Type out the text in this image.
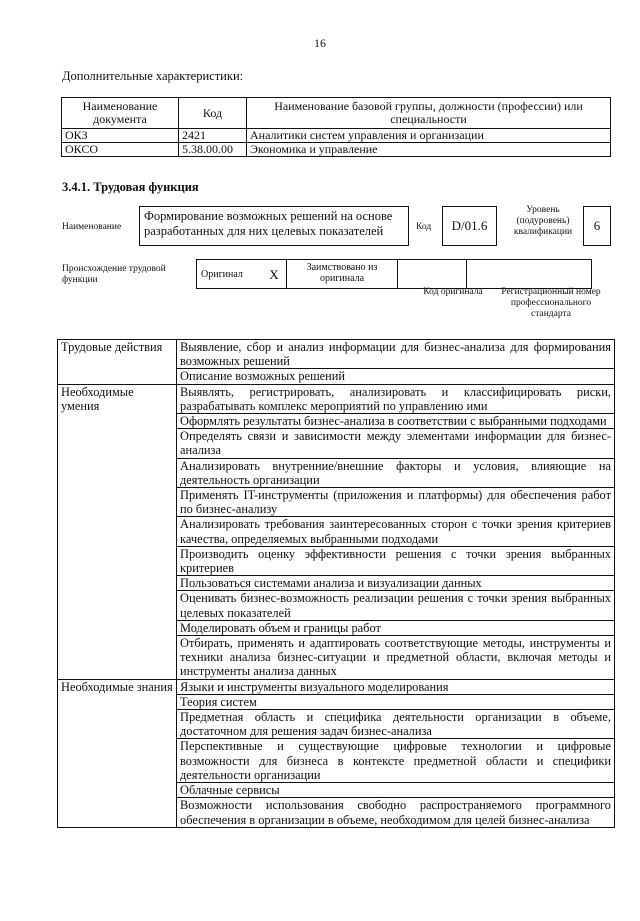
16
Дополнительные характеристики:
Наименование документа	Код	Наименование базовой группы, должности (профессии) или специальности
ОКЗ	2421	Аналитики систем управления и организации
ОКСО	5.38.00.00	Экономика и управление
3.4.1. Трудовая функция
Наименование
Формирование возможных решений на основе разработанных для них целевых показателей	Код	D/01.6
Уровень (подуровень) квалификации	6
Происхождение трудовой функции
Оригинал	X	Заимствовано из оригинала		
Код оригинала	Регистрационный номер профессионального стандарта
Трудовые действия	Выявление, сбор и анализ информации для бизнес-анализа для формирования возможных решений
	Описание возможных решений
Необходимые умения	Выявлять, регистрировать, анализировать и классифицировать риски, разрабатывать комплекс мероприятий по управлению ими
	Оформлять результаты бизнес-анализа в соответствии с выбранными подходами
	Определять связи и зависимости между элементами информации для бизнес-анализа
	Анализировать внутренние/внешние факторы и условия, влияющие на деятельность организации
	Применять IT-инструменты (приложения и платформы) для обеспечения работ по бизнес-анализу
	Анализировать требования заинтересованных сторон с точки зрения критериев качества, определяемых выбранными подходами
	Производить оценку эффективности решения с точки зрения выбранных критериев
	Пользоваться системами анализа и визуализации данных
	Оценивать бизнес-возможность реализации решения с точки зрения выбранных целевых показателей
	Моделировать объем и границы работ
	Отбирать, применять и адаптировать соответствующие методы, инструменты и техники анализа бизнес-ситуации и предметной области, включая методы и инструменты анализа данных
Необходимые знания	Языки и инструменты визуального моделирования
	Теория систем
	Предметная область и специфика деятельности организации в объеме, достаточном для решения задач бизнес-анализа
	Перспективные и существующие цифровые технологии и цифровые возможности для бизнеса в контексте предметной области и специфики деятельности организации
	Облачные сервисы
	Возможности использования свободно распространяемого программного обеспечения в организации в объеме, необходимом для целей бизнес-анализа
